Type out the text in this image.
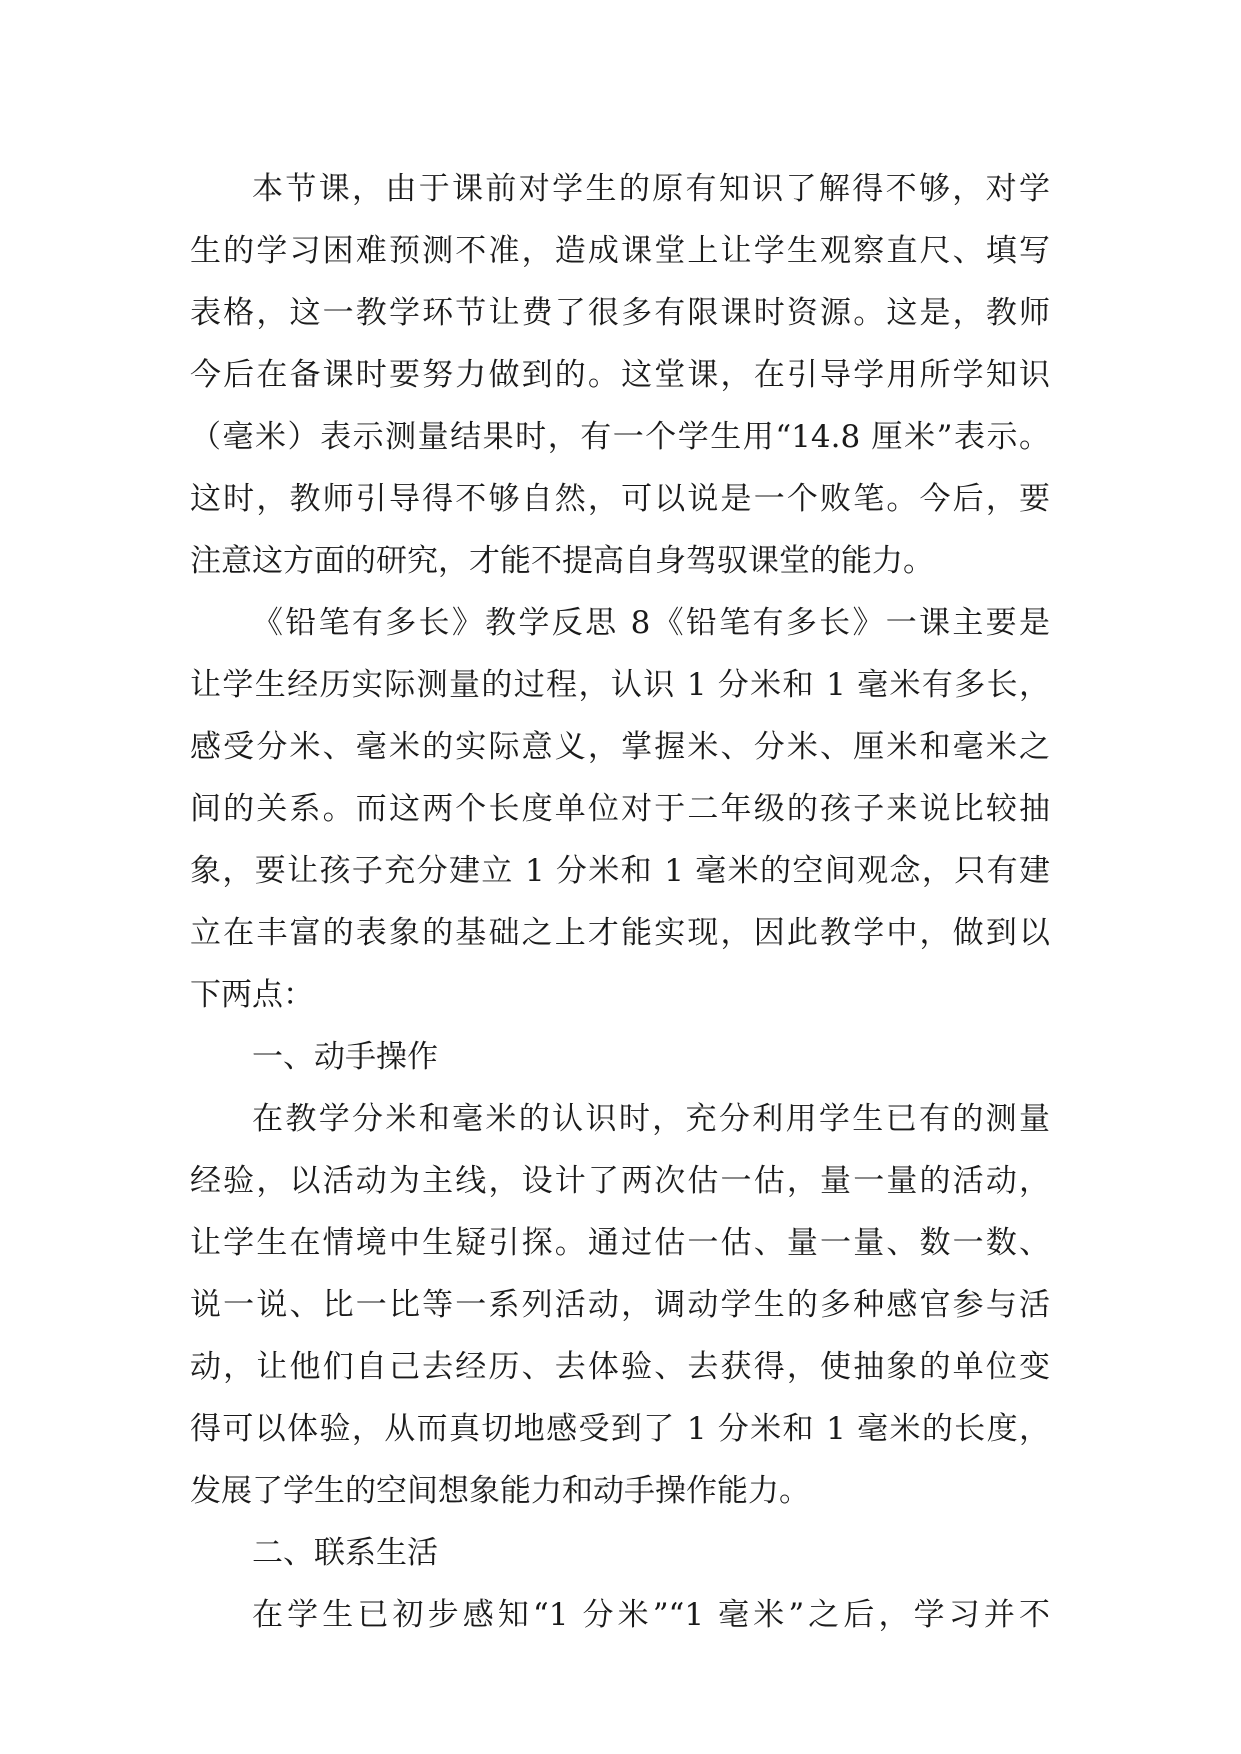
本节课，由于课前对学生的原有知识了解得不够，对学
生的学习困难预测不准，造成课堂上让学生观察直尺、填写
表格，这一教学环节让费了很多有限课时资源。这是，教师
今后在备课时要努力做到的。这堂课，在引导学用所学知识
（毫米）表示测量结果时，有一个学生用“14.8 厘米”表示。
这时，教师引导得不够自然，可以说是一个败笔。今后，要
注意这方面的研究，才能不提高自身驾驭课堂的能力。
《铅笔有多长》教学反思 8《铅笔有多长》一课主要是
让学生经历实际测量的过程，认识 1 分米和 1 毫米有多长，
感受分米、毫米的实际意义，掌握米、分米、厘米和毫米之
间的关系。而这两个长度单位对于二年级的孩子来说比较抽
象，要让孩子充分建立 1 分米和 1 毫米的空间观念，只有建
立在丰富的表象的基础之上才能实现，因此教学中，做到以
下两点：
一、动手操作
在教学分米和毫米的认识时，充分利用学生已有的测量
经验，以活动为主线，设计了两次估一估，量一量的活动，
让学生在情境中生疑引探。通过估一估、量一量、数一数、
说一说、比一比等一系列活动，调动学生的多种感官参与活
动，让他们自己去经历、去体验、去获得，使抽象的单位变
得可以体验，从而真切地感受到了 1 分米和 1 毫米的长度，
发展了学生的空间想象能力和动手操作能力。
二、联系生活
在学生已初步感知“1 分米”“1 毫米”之后，学习并不
